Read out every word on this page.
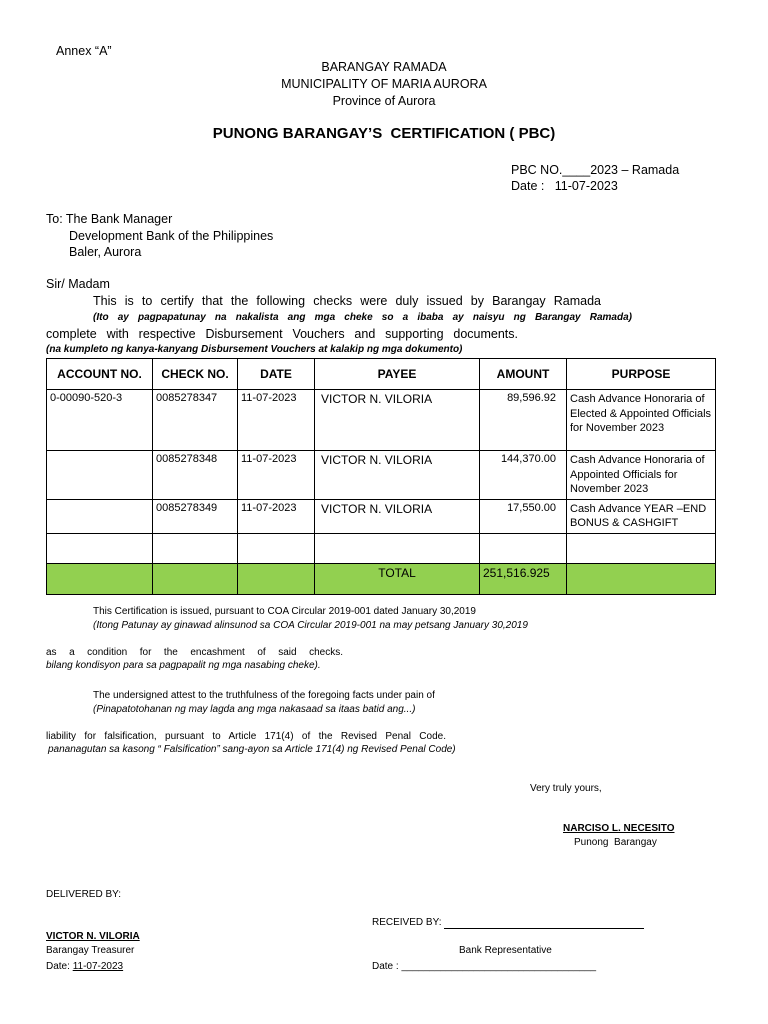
Annex “A”
BARANGAY RAMADA
MUNICIPALITY OF MARIA AURORA
Province of Aurora
PUNONG BARANGAY’S  CERTIFICATION ( PBC)
PBC NO.____2023 – Ramada
Date : 11-07-2023
To: The Bank Manager
Development Bank of the Philippines
Baler, Aurora
Sir/ Madam
This is to certify that the following checks were duly issued by Barangay Ramada
(Ito ay pagpapatunay na nakalista ang mga cheke so a ibaba ay naisyu ng Barangay Ramada)
complete with respective Disbursement Vouchers and supporting documents.
(na kumpleto ng kanya-kanyang Disbursement Vouchers at kalakip ng mga dokumento)
ACCOUNT NO.	CHECK NO.	DATE	PAYEE	AMOUNT	PURPOSE
0-00090-520-3	0085278347	11-07-2023	VICTOR N. VILORIA	89,596.92	Cash Advance Honoraria of Elected & Appointed Officials for November 2023
	0085278348	11-07-2023	VICTOR N. VILORIA	144,370.00	Cash Advance Honoraria of Appointed Officials for November 2023
	0085278349	11-07-2023	VICTOR N. VILORIA	17,550.00	Cash Advance YEAR –END BONUS & CASHGIFT

			TOTAL	251,516.925	
This Certification is issued, pursuant to COA Circular 2019-001 dated January 30,2019
(Itong Patunay ay ginawad alinsunod sa COA Circular 2019-001 na may petsang January 30,2019
as a condition for the encashment of said checks.
bilang kondisyon para sa pagpapalit ng mga nasabing cheke).
The undersigned attest to the truthfulness of the foregoing facts under pain of
(Pinapatotohanan ng may lagda ang mga nakasaad sa itaas batid ang...)
liability for falsification, pursuant to Article 171(4) of the Revised Penal Code.
pananagutan sa kasong “ Falsification” sang-ayon sa Article 171(4) ng Revised Penal Code)
Very truly yours,
NARCISO L. NECESITO
Punong  Barangay
DELIVERED BY:
RECEIVED BY:
VICTOR N. VILORIA
Barangay Treasurer	Bank Representative
Date: 11-07-2023	Date : ___________________________________
